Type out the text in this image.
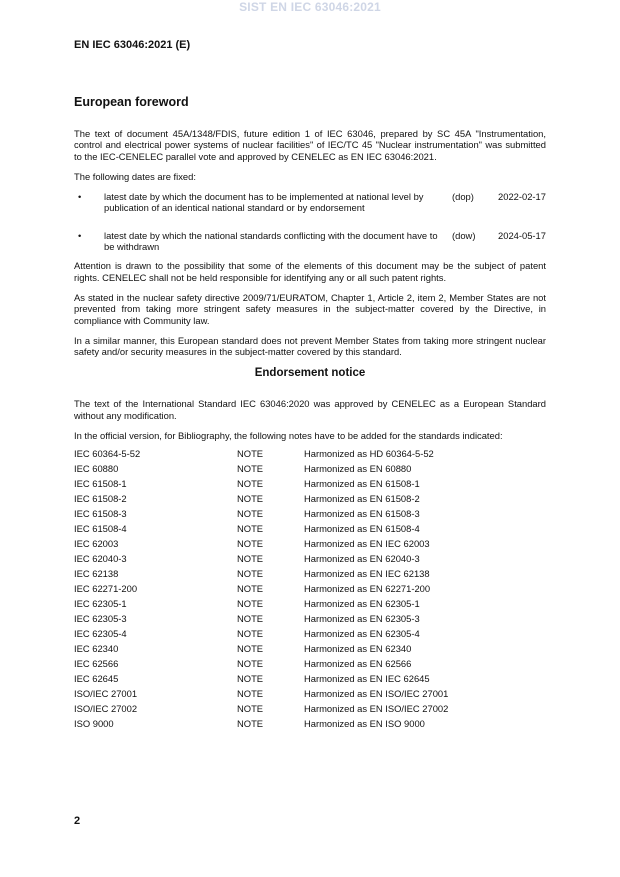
SIST EN IEC 63046:2021
EN IEC 63046:2021 (E)
European foreword

The text of document 45A/1348/FDIS, future edition 1 of IEC 63046, prepared by SC 45A "Instrumentation, control and electrical power systems of nuclear facilities" of IEC/TC 45 "Nuclear instrumentation" was submitted to the IEC-CENELEC parallel vote and approved by CENELEC as EN IEC 63046:2021.

The following dates are fixed:

•	latest date by which the document has to be implemented at national level by publication of an identical national standard or by endorsement
(dop)	2022-02-17
•	latest date by which the national standards conflicting with the document have to be withdrawn
(dow)	2024-05-17

Attention is drawn to the possibility that some of the elements of this document may be the subject of patent rights. CENELEC shall not be held responsible for identifying any or all such patent rights.

As stated in the nuclear safety directive 2009/71/EURATOM, Chapter 1, Article 2, item 2, Member States are not prevented from taking more stringent safety measures in the subject-matter covered by the Directive, in compliance with Community law.

In a similar manner, this European standard does not prevent Member States from taking more stringent nuclear safety and/or security measures in the subject-matter covered by this standard.

Endorsement notice

The text of the International Standard IEC 63046:2020 was approved by CENELEC as a European Standard without any modification.

In the official version, for Bibliography, the following notes have to be added for the standards indicated:

IEC 60364-5-52	NOTE	Harmonized as HD 60364-5-52
IEC 60880	NOTE	Harmonized as EN 60880
IEC 61508-1	NOTE	Harmonized as EN 61508-1
IEC 61508-2	NOTE	Harmonized as EN 61508-2
IEC 61508-3	NOTE	Harmonized as EN 61508-3
IEC 61508-4	NOTE	Harmonized as EN 61508-4
IEC 62003	NOTE	Harmonized as EN IEC 62003
IEC 62040-3	NOTE	Harmonized as EN 62040-3
IEC 62138	NOTE	Harmonized as EN IEC 62138
IEC 62271-200	NOTE	Harmonized as EN 62271-200
IEC 62305-1	NOTE	Harmonized as EN 62305-1
IEC 62305-3	NOTE	Harmonized as EN 62305-3
IEC 62305-4	NOTE	Harmonized as EN 62305-4
IEC 62340	NOTE	Harmonized as EN 62340
IEC 62566	NOTE	Harmonized as EN 62566
IEC 62645	NOTE	Harmonized as EN IEC 62645
ISO/IEC 27001	NOTE	Harmonized as EN ISO/IEC 27001
ISO/IEC 27002	NOTE	Harmonized as EN ISO/IEC 27002
ISO 9000	NOTE	Harmonized as EN ISO 9000
2
